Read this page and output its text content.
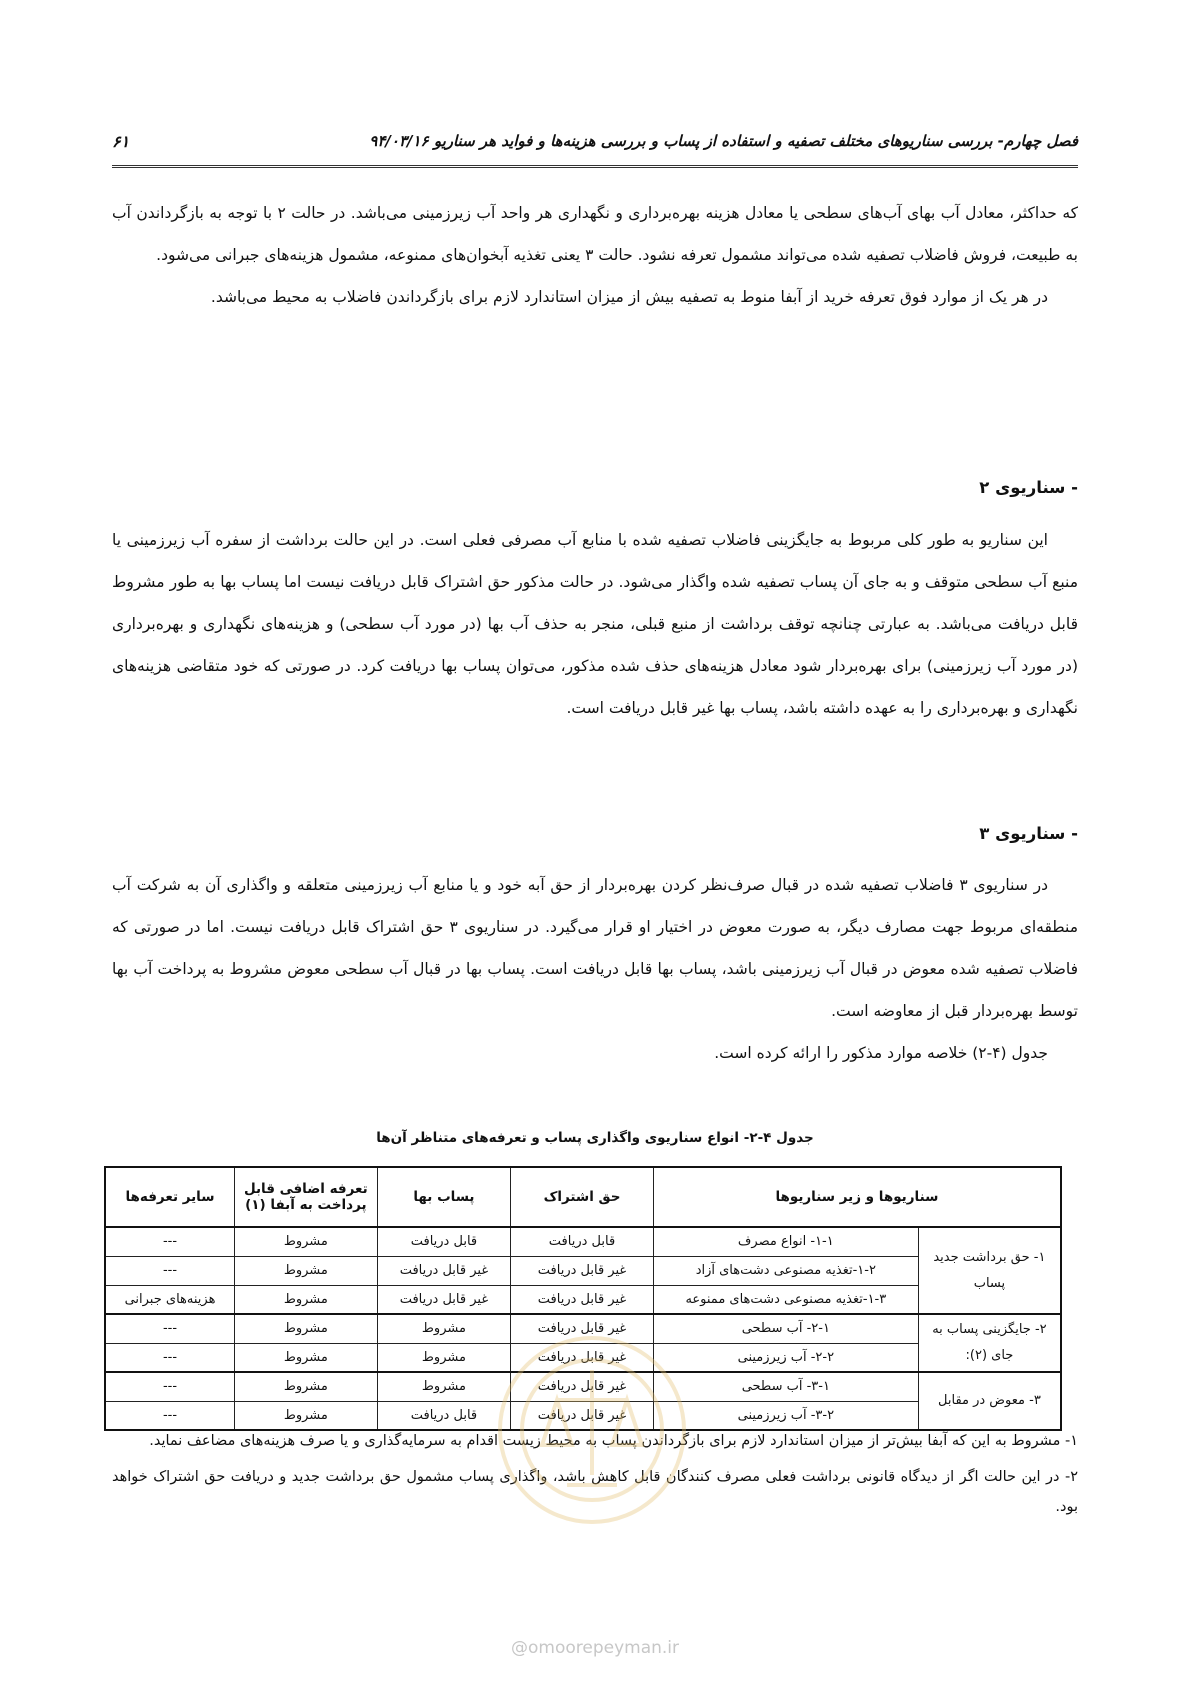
فصل چهارم- بررسی سناریوهای مختلف تصفیه و استفاده از پساب و بررسی هزینه‌ها و فواید هر سناریو ۹۴/۰۳/۱۶
۶۱

که حداکثر، معادل آب بهای آب‌های سطحی یا معادل هزینه بهره‌برداری و نگهداری هر واحد آب زیرزمینی می‌باشد. در حالت ۲ با توجه به بازگرداندن آب به طبیعت، فروش فاضلاب تصفیه شده می‌تواند مشمول تعرفه نشود. حالت ۳ یعنی تغذیه آبخوان‌های ممنوعه، مشمول هزینه‌های جبرانی می‌شود.

در هر یک از موارد فوق تعرفه خرید از آبفا منوط به تصفیه بیش از میزان استاندارد لازم برای بازگرداندن فاضلاب به محیط می‌باشد.

- سناریوی ۲

این سناریو به طور کلی مربوط به جایگزینی فاضلاب تصفیه شده با منابع آب مصرفی فعلی است. در این حالت برداشت از سفره آب زیرزمینی یا منبع آب سطحی متوقف و به جای آن پساب تصفیه شده واگذار می‌شود. در حالت مذکور حق اشتراک قابل دریافت نیست اما پساب بها به طور مشروط قابل دریافت می‌باشد. به عبارتی چنانچه توقف برداشت از منبع قبلی، منجر به حذف آب بها (در مورد آب سطحی) و هزینه‌های نگهداری و بهره‌برداری (در مورد آب زیرزمینی) برای بهره‌بردار شود معادل هزینه‌های حذف شده مذکور، می‌توان پساب بها دریافت کرد. در صورتی که خود متقاضی هزینه‌های نگهداری و بهره‌برداری را به عهده داشته باشد، پساب بها غیر قابل دریافت است.

- سناریوی ۳

در سناریوی ۳ فاضلاب تصفیه شده در قبال صرف‌نظر کردن بهره‌بردار از حق آبه خود و یا منابع آب زیرزمینی متعلقه و واگذاری آن به شرکت آب منطقه‌ای مربوط جهت مصارف دیگر، به صورت معوض در اختیار او قرار می‌گیرد. در سناریوی ۳ حق اشتراک قابل دریافت نیست. اما در صورتی که فاضلاب تصفیه شده معوض در قبال آب زیرزمینی باشد، پساب بها قابل دریافت است. پساب بها در قبال آب سطحی معوض مشروط به پرداخت آب بها توسط بهره‌بردار قبل از معاوضه است.

جدول (۴-۲) خلاصه موارد مذکور را ارائه کرده است.

جدول ۴-۲- انواع سناریوی واگذاری پساب و تعرفه‌های متناظر آن‌ها
سناریوها و زیر سناریوها		حق اشتراک	پساب بها	تعرفه اضافی قابل پرداخت به آبفا (۱)	سایر تعرفه‌ها
۱- حق برداشت جدید پساب	۱-۱- انواع مصرف	قابل دریافت	قابل دریافت	مشروط	---
	۱-۲-تغذیه مصنوعی دشت‌های آزاد	غیر قابل دریافت	غیر قابل دریافت	مشروط	---
	۱-۳-تغذیه مصنوعی دشت‌های ممنوعه	غیر قابل دریافت	غیر قابل دریافت	مشروط	هزینه‌های جبرانی
۲- جایگزینی پساب به جای (۲):	۲-۱- آب سطحی	غیر قابل دریافت	مشروط	مشروط	---
	۲-۲- آب زیرزمینی	غیر قابل دریافت	مشروط	مشروط	---
۳- معوض در مقابل	۳-۱- آب سطحی	غیر قابل دریافت	مشروط	مشروط	---
	۳-۲- آب زیرزمینی	غیر قابل دریافت	قابل دریافت	مشروط	---

۱- مشروط به این که آبفا بیش‌تر از میزان استاندارد لازم برای بازگرداندن پساب به محیط زیست اقدام به سرمایه‌گذاری و یا صرف هزینه‌های مضاعف نماید.

۲- در این حالت اگر از دیدگاه قانونی برداشت فعلی مصرف کنندگان قابل کاهش باشد، واگذاری پساب مشمول حق برداشت جدید و دریافت حق اشتراک خواهد بود.

@omoorepeyman.ir
